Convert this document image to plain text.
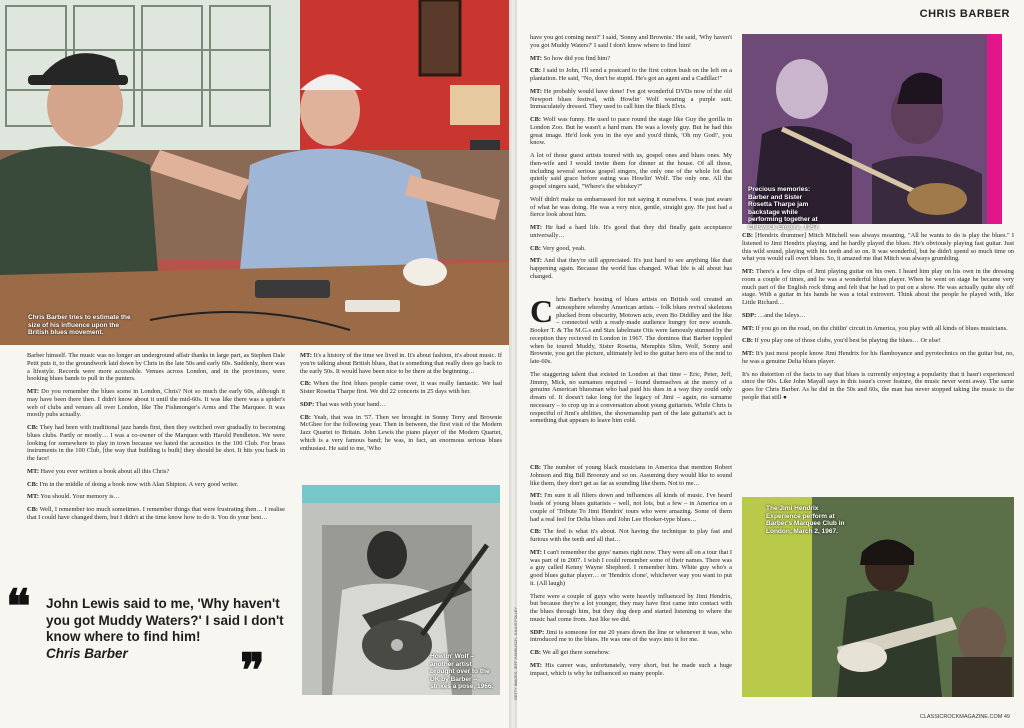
Chris Barber tries to estimate the size of his influence upon the British blues movement.
CHRIS BARBER
Precious memories: Barber and Sister Rosetta Tharpe jam backstage while performing together at Chiswick Empire, 1957.
Howlin' Wolf – another artist brought over to the UK by Barber – strikes a pose, 1966.	GETTY IMAGES, JEFF HANNUSCH, JULIUS FOLLEY
The Jimi Hendrix Experience perform at Barber's Marquee Club in London, March 2, 1967.

Barber himself. The music was no longer an underground affair thanks in large part, as Stephen Dale Petit puts it, to the groundwork laid down by Chris in the late 50s and early 60s. Suddenly, there was a lifestyle. Records were more accessible. Venues across London, and in the provinces, were booking blues bands to pull in the punters.

MT: Do you remember the blues scene in London, Chris? Not so much the early 60s, although it may have been there then. I didn't know about it until the mid-60s. It was like there was a spider's web of clubs and venues all over London, like The Fishmonger's Arms and The Marquee. It was mostly pubs actually.

CB: They had been with traditional jazz bands first, then they switched over gradually to becoming blues clubs. Partly or mostly… I was a co-owner of the Marquee with Harold Pendleton. We were looking for somewhere to play in town because we hated the acoustics in the 100 Club. For brass instruments in the 100 Club, [the way that building is built] they should be shot. It hits you back in the face!

MT: Have you ever written a book about all this Chris?

CB: I'm in the middle of doing a book now with Alan Shipton. A very good writer.

MT: You should. Your memory is…

CB: Well, I remember too much sometimes. I remember things that were frustrating then… I realise that I could have changed them, but I didn't at the time know how to do it. You do your best…

MT: It's a history of the time we lived in. It's about fashion, it's about music. If you're talking about British blues, that is something that really does go back to the early 50s. It would have been nice to be there at the beginning…

CB: When the first blues people came over, it was really fantastic. We had Sister Rosetta Tharpe first. We did 22 concerts in 25 days with her.

SDP: That was with your band…

CB: Yeah, that was in '57. Then we brought in Sonny Terry and Brownie McGhee for the following year. Then in between, the first visit of the Modern Jazz Quartet to Britain. John Lewis the piano player of the Modern Quartet, which is a very famous band; he was, in fact, an enormous serious blues enthusiast. He said to me, 'Who

❝	John Lewis said to me, 'Why haven't you got Muddy Waters?' I said I don't know where to find him!
Chris Barber	❞

have you got coming next?' I said, 'Sonny and Brownie.' He said, 'Why haven't you got Muddy Waters?' I said I don't know where to find him!

MT: So how did you find him?

CB: I said to John, I'll send a postcard to the first cotton bush on the left on a plantation. He said, "No, don't be stupid. He's got an agent and a Cadillac!"

MT: He probably would have done! I've got wonderful DVDs now of the old Newport blues festival, with Howlin' Wolf wearing a purple suit. Immaculately dressed. They used to call him the Black Elvis.

CB: Wolf was funny. He used to pace round the stage like Guy the gorilla in London Zoo. But he wasn't a hard man. He was a lovely guy. But he had this great image. He'd look you in the eye and you'd think, 'Oh my God!', you know.

A lot of those guest artists toured with us, gospel ones and blues ones. My then-wife and I would invite them for dinner at the house. Of all those, including several serious gospel singers, the only one of the whole lot that quietly said grace before eating was Howlin' Wolf. The only one. All the gospel singers said, "Where's the whiskey?"

Wolf didn't make us embarrassed for not saying it ourselves. I was just aware of what he was doing. He was a very nice, gentle, straight guy. He just had a fierce look about him.

MT: He had a hard life. It's good that they did finally gain acceptance universally…

CB: Very good, yeah.

MT: And that they're still appreciated. It's just hard to see anything like that happening again. Because the world has changed. What life is all about has changed.

Chris Barber's hosting of blues artists on British soil created an atmosphere whereby American artists – folk blues revival skeletons plucked from obscurity, Motown acts, even Bo Diddley and the like – connected with a ready-made audience hungry for new sounds. Booker T. & The M.G.s and Stax labelmate Otis were famously stunned by the reception they recieved in London in 1967. The dominos that Barber toppled when he toured Muddy, Sister Rosetta, Memphis Slim, Wolf, Sonny and Brownie, you get the picture, ultimately led to the guitar hero era of the mid to late-60s.

The staggering talent that existed in London at that time – Eric, Peter, Jeff, Jimmy, Mick, no surnames required – found themselves at the mercy of a genuine American bluesman who had paid his dues in a way they could only dream of. It doesn't take long for the legacy of Jimi – again, no surname necessary – to crop up in a conversation about young guitarists. While Chris is respectful of Jimi's abilities, the showmanship part of the late guitarist's act is something that appears to leave him cold.

CB: The number of young black musicians in America that mention Robert Johnson and Big Bill Broonzy and so on. Assuming they would like to sound like them, they don't get as far as sounding like them. Not to me…

MT: I'm sure it all filters down and influences all kinds of music. I've heard loads of young blues guitarists – well, not lots, but a few – in America on a couple of 'Tribute To Jimi Hendrix' tours who were amazing. Some of them had a real feel for Delta blues and John Lee Hooker-type blues…

CB: The feel is what it's about. Not having the technique to play fast and furious with the teeth and all that…

MT: I can't remember the guys' names right now. They were all on a tour that I was part of in 2007. I wish I could remember some of their names. There was a guy called Kenny Wayne Shepherd. I remember him. White guy who's a good blues guitar player… or 'Hendrix clone', whichever way you want to put it. (All laugh)

There were a couple of guys who were heavily influenced by Jimi Hendrix, but because they're a lot younger, they may have first came into contact with the blues through him, but they dug deep and started listening to where the music had come from. Just like we did.

SDP: Jimi is someone for me 20 years down the line or whenever it was, who introduced me to the blues. He was one of the ways into it for me.

CB: We all get there somehow.

MT: His career was, unfortunately, very short, but he made such a huge impact, which is why he influenced so many people.

CB: [Hendrix drummer] Mitch Mitchell was always moaning, "All he wants to do is play the blues." I listened to Jimi Hendrix playing, and he hardly played the blues. He's obviously playing fast guitar. Just this wild sound, playing with his teeth and so on. It was wonderful, but he didn't spend so much time on what you would call overt blues. So, it amazed me that Mitch was always grumbling.

MT: There's a few clips of Jimi playing guitar on his own. I heard him play on his own in the dressing room a couple of times, and he was a wonderful blues player. When he went on stage he became very much part of the English rock thing and felt that he had to put on a show. He was actually quite shy off stage. With a guitar in his hands he was a total extrovert. Think about the people he played with, like Little Richard…

SDP: …and the Isleys…

MT: If you go on the road, on the chitlin' circuit in America, you play with all kinds of blues musicians.

CB: If you play one of those clubs, you'd best be playing the blues… Or else!

MT: It's just most people know Jimi Hendrix for his flamboyance and pyrotechnics on the guitar but, no, he was a genuine Delta blues player.

It's no distortion of the facts to say that blues is currently enjoying a popularity that it hasn't experienced since the 60s. Like John Mayall says in this issue's cover feature, the music never went away. The same goes for Chris Barber. As he did in the 50s and 60s, the man has never stopped taking the music to the people that still ●

CLASSICROCKMAGAZINE.COM 49
